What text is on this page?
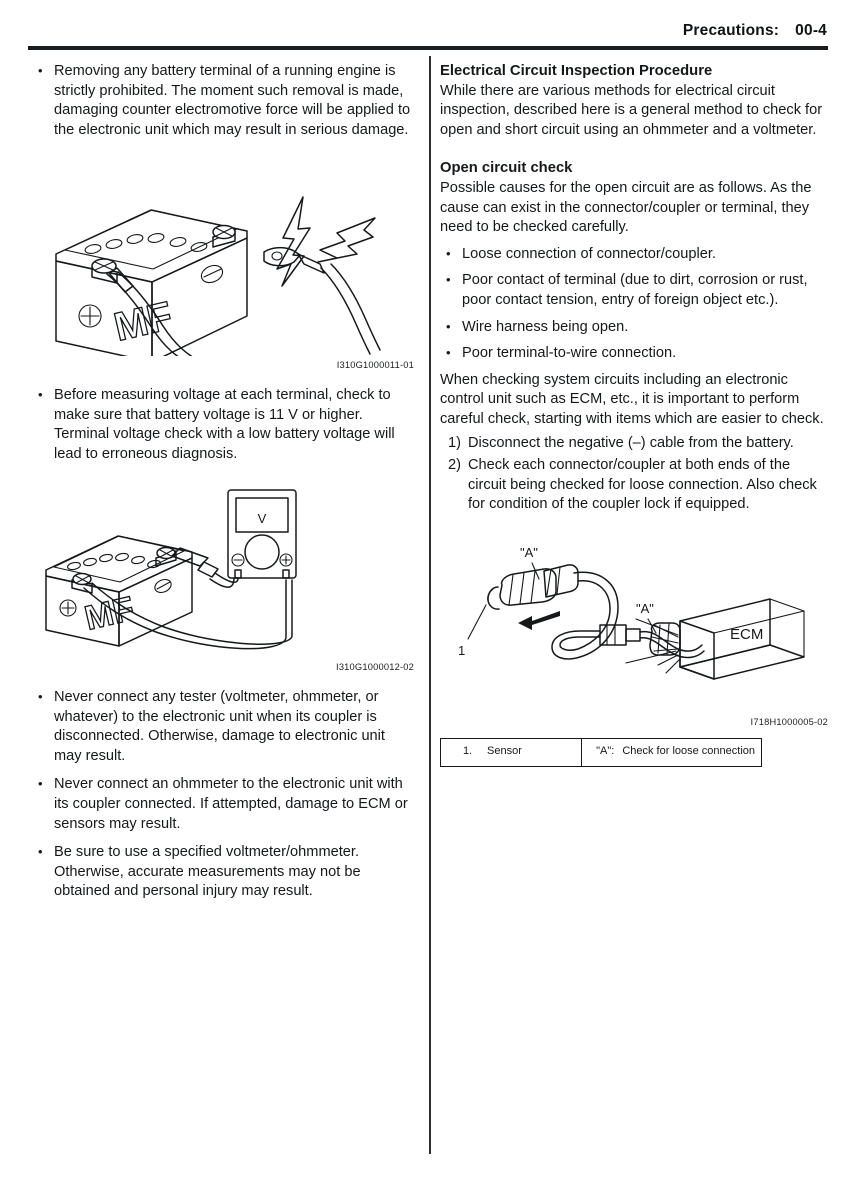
Precautions: 00-4
• Removing any battery terminal of a running engine is strictly prohibited. The moment such removal is made, damaging counter electromotive force will be applied to the electronic unit which may result in serious damage.
MF
I310G1000011-01
• Before measuring voltage at each terminal, check to make sure that battery voltage is 11 V or higher. Terminal voltage check with a low battery voltage will lead to erroneous diagnosis.
V
MF
I310G1000012-02
• Never connect any tester (voltmeter, ohmmeter, or whatever) to the electronic unit when its coupler is disconnected. Otherwise, damage to electronic unit may result.
• Never connect an ohmmeter to the electronic unit with its coupler connected. If attempted, damage to ECM or sensors may result.
• Be sure to use a specified voltmeter/ohmmeter. Otherwise, accurate measurements may not be obtained and personal injury may result.
Electrical Circuit Inspection Procedure

While there are various methods for electrical circuit inspection, described here is a general method to check for open and short circuit using an ohmmeter and a voltmeter.

Open circuit check

Possible causes for the open circuit are as follows. As the cause can exist in the connector/coupler or terminal, they need to be checked carefully.

• Loose connection of connector/coupler.
• Poor contact of terminal (due to dirt, corrosion or rust, poor contact tension, entry of foreign object etc.).
• Wire harness being open.
• Poor terminal-to-wire connection.

When checking system circuits including an electronic control unit such as ECM, etc., it is important to perform careful check, starting with items which are easier to check.

1) Disconnect the negative (–) cable from the battery.
2) Check each connector/coupler at both ends of the circuit being checked for loose connection. Also check for condition of the coupler lock if equipped.
"A"
1
"A"
ECM
I718H1000005-02
1.	Sensor	"A": Check for loose connection
